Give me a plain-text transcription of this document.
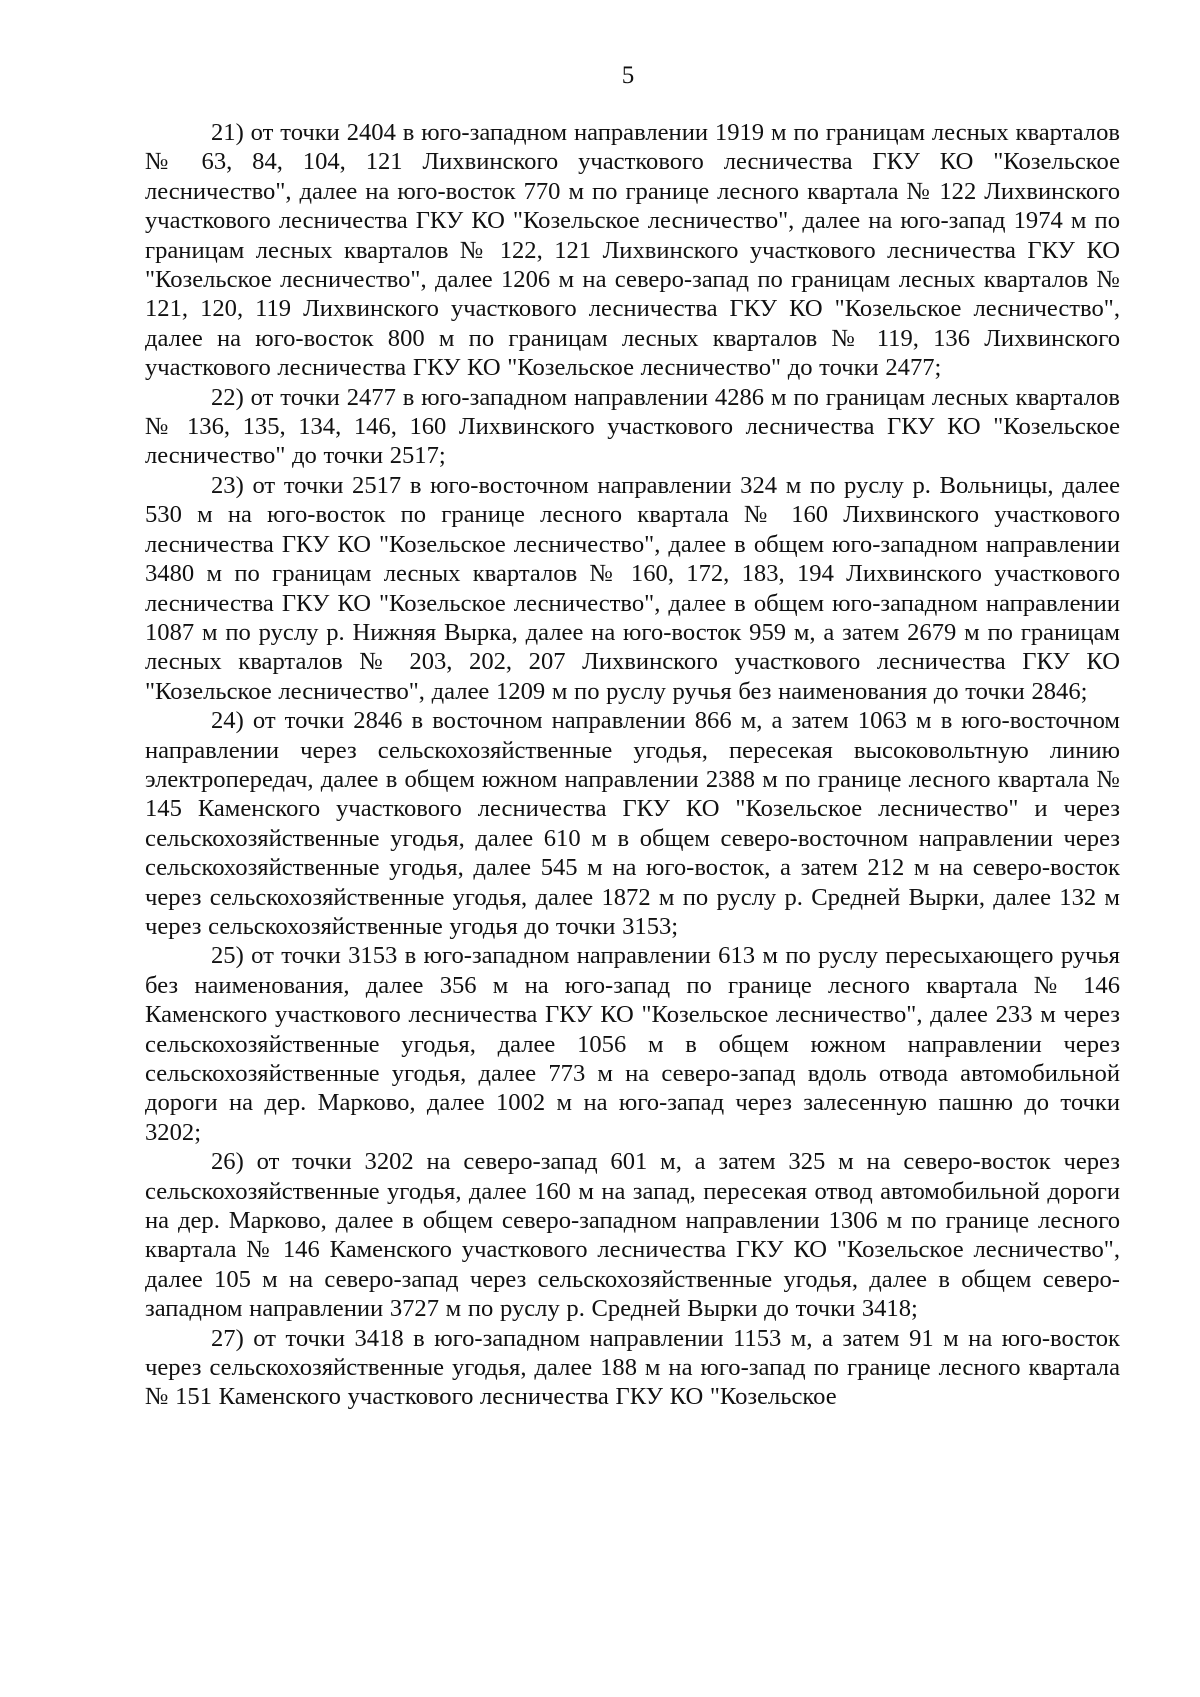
5

21) от точки 2404 в юго-западном направлении 1919 м по границам лесных кварталов № 63, 84, 104, 121 Лихвинского участкового лесничества ГКУ КО "Козельское лесничество", далее на юго-восток 770 м по границе лесного квартала № 122 Лихвинского участкового лесничества ГКУ КО "Козельское лесничество", далее на юго-запад 1974 м по границам лесных кварталов № 122, 121 Лихвинского участкового лесничества ГКУ КО "Козельское лесничество", далее 1206 м на северо-запад по границам лесных кварталов № 121, 120, 119 Лихвинского участкового лесничества ГКУ КО "Козельское лесничество", далее на юго-восток 800 м по границам лесных кварталов № 119, 136 Лихвинского участкового лесничества ГКУ КО "Козельское лесничество" до точки 2477;

22) от точки 2477 в юго-западном направлении 4286 м по границам лесных кварталов № 136, 135, 134, 146, 160 Лихвинского участкового лесничества ГКУ КО "Козельское лесничество" до точки 2517;

23) от точки 2517 в юго-восточном направлении 324 м по руслу р. Вольницы, далее 530 м на юго-восток по границе лесного квартала № 160 Лихвинского участкового лесничества ГКУ КО "Козельское лесничество", далее в общем юго-западном направлении 3480 м по границам лесных кварталов № 160, 172, 183, 194 Лихвинского участкового лесничества ГКУ КО "Козельское лесничество", далее в общем юго-западном направлении 1087 м по руслу р. Нижняя Вырка, далее на юго-восток 959 м, а затем 2679 м по границам лесных кварталов № 203, 202, 207 Лихвинского участкового лесничества ГКУ КО "Козельское лесничество", далее 1209 м по руслу ручья без наименования до точки 2846;

24) от точки 2846 в восточном направлении 866 м, а затем 1063 м в юго-восточном направлении через сельскохозяйственные угодья, пересекая высоковольтную линию электропередач, далее в общем южном направлении 2388 м по границе лесного квартала № 145 Каменского участкового лесничества ГКУ КО "Козельское лесничество" и через сельскохозяйственные угодья, далее 610 м в общем северо-восточном направлении через сельскохозяйственные угодья, далее 545 м на юго-восток, а затем 212 м на северо-восток через сельскохозяйственные угодья, далее 1872 м по руслу р. Средней Вырки, далее 132 м через сельскохозяйственные угодья до точки 3153;

25) от точки 3153 в юго-западном направлении 613 м по руслу пересыхающего ручья без наименования, далее 356 м на юго-запад по границе лесного квартала № 146 Каменского участкового лесничества ГКУ КО "Козельское лесничество", далее 233 м через сельскохозяйственные угодья, далее 1056 м в общем южном направлении через сельскохозяйственные угодья, далее 773 м на северо-запад вдоль отвода автомобильной дороги на дер. Марково, далее 1002 м на юго-запад через залесенную пашню до точки 3202;

26) от точки 3202 на северо-запад 601 м, а затем 325 м на северо-восток через сельскохозяйственные угодья, далее 160 м на запад, пересекая отвод автомобильной дороги на дер. Марково, далее в общем северо-западном направлении 1306 м по границе лесного квартала № 146 Каменского участкового лесничества ГКУ КО "Козельское лесничество", далее 105 м на северо-запад через сельскохозяйственные угодья, далее в общем северо-западном направлении 3727 м по руслу р. Средней Вырки до точки 3418;

27) от точки 3418 в юго-западном направлении 1153 м, а затем 91 м на юго-восток через сельскохозяйственные угодья, далее 188 м на юго-запад по границе лесного квартала № 151 Каменского участкового лесничества ГКУ КО "Козельское
